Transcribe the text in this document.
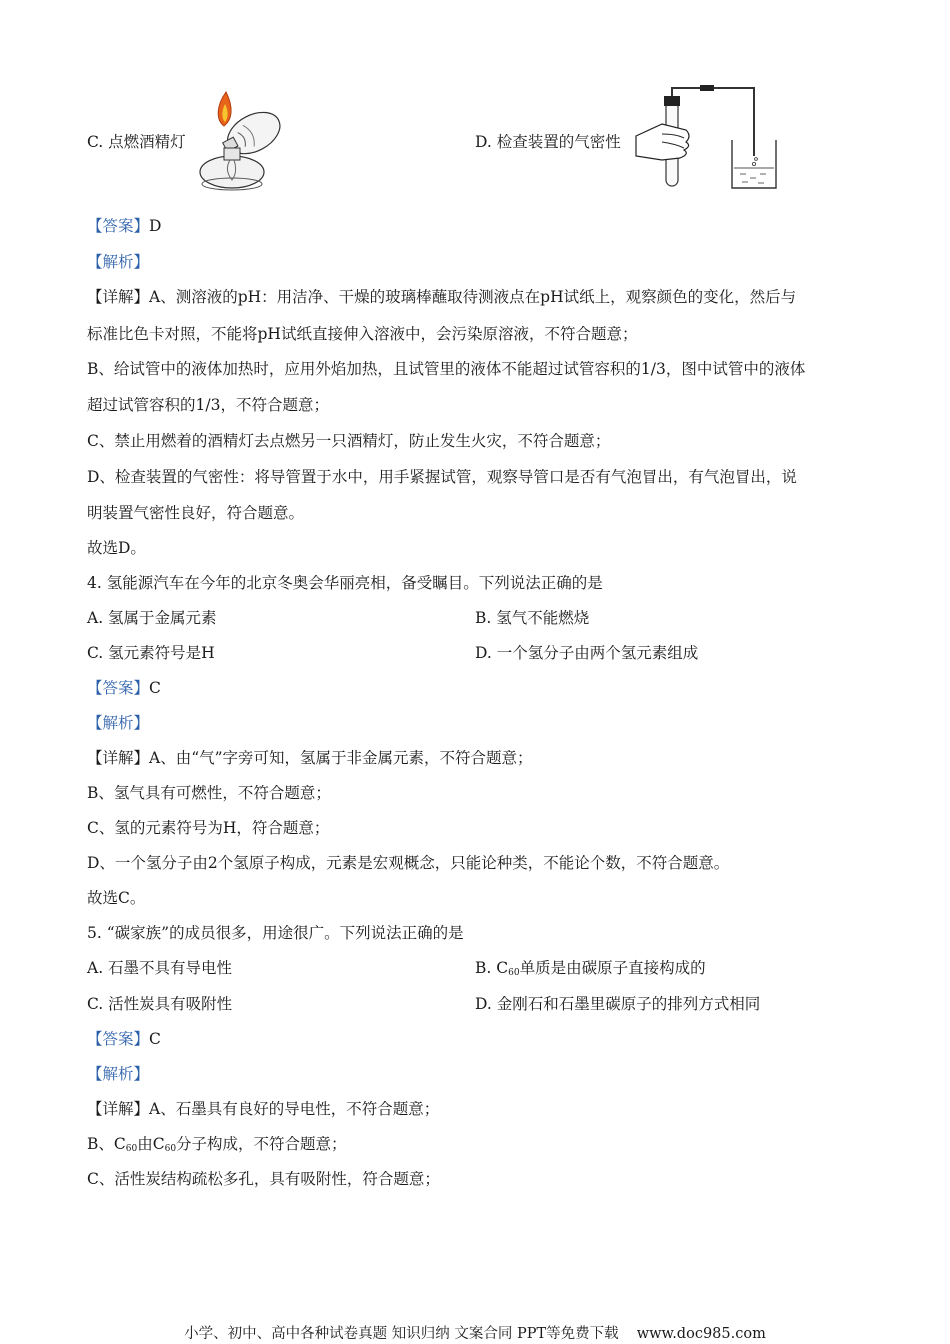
C. 点燃酒精灯	D. 检查装置的气密性
【答案】D
【解析】
【详解】A、测溶液的pH：用洁净、干燥的玻璃棒蘸取待测液点在pH试纸上，观察颜色的变化，然后与
标准比色卡对照，不能将pH试纸直接伸入溶液中，会污染原溶液，不符合题意；
B、给试管中的液体加热时，应用外焰加热，且试管里的液体不能超过试管容积的1/3，图中试管中的液体
超过试管容积的1/3，不符合题意；
C、禁止用燃着的酒精灯去点燃另一只酒精灯，防止发生火灾，不符合题意；
D、检查装置的气密性：将导管置于水中，用手紧握试管，观察导管口是否有气泡冒出，有气泡冒出，说
明装置气密性良好，符合题意。
故选D。
4. 氢能源汽车在今年的北京冬奥会华丽亮相，备受瞩目。下列说法正确的是
A. 氢属于金属元素	B. 氢气不能燃烧
C. 氢元素符号是H	D. 一个氢分子由两个氢元素组成
【答案】C
【解析】
【详解】A、由“气”字旁可知，氢属于非金属元素，不符合题意；
B、氢气具有可燃性，不符合题意；
C、氢的元素符号为H，符合题意；
D、一个氢分子由2个氢原子构成，元素是宏观概念，只能论种类，不能论个数，不符合题意。
故选C。
5. “碳家族”的成员很多，用途很广。下列说法正确的是
A. 石墨不具有导电性	B. $C_{60}$单质是由碳原子直接构成的
C. 活性炭具有吸附性	D. 金刚石和石墨里碳原子的排列方式相同
【答案】C
【解析】
【详解】A、石墨具有良好的导电性，不符合题意；
B、$C_{60}$由$C_{60}$分子构成，不符合题意；
C、活性炭结构疏松多孔，具有吸附性，符合题意；
小学、初中、高中各种试卷真题 知识归纳 文案合同 PPT等免费下载 www.doc985.com
